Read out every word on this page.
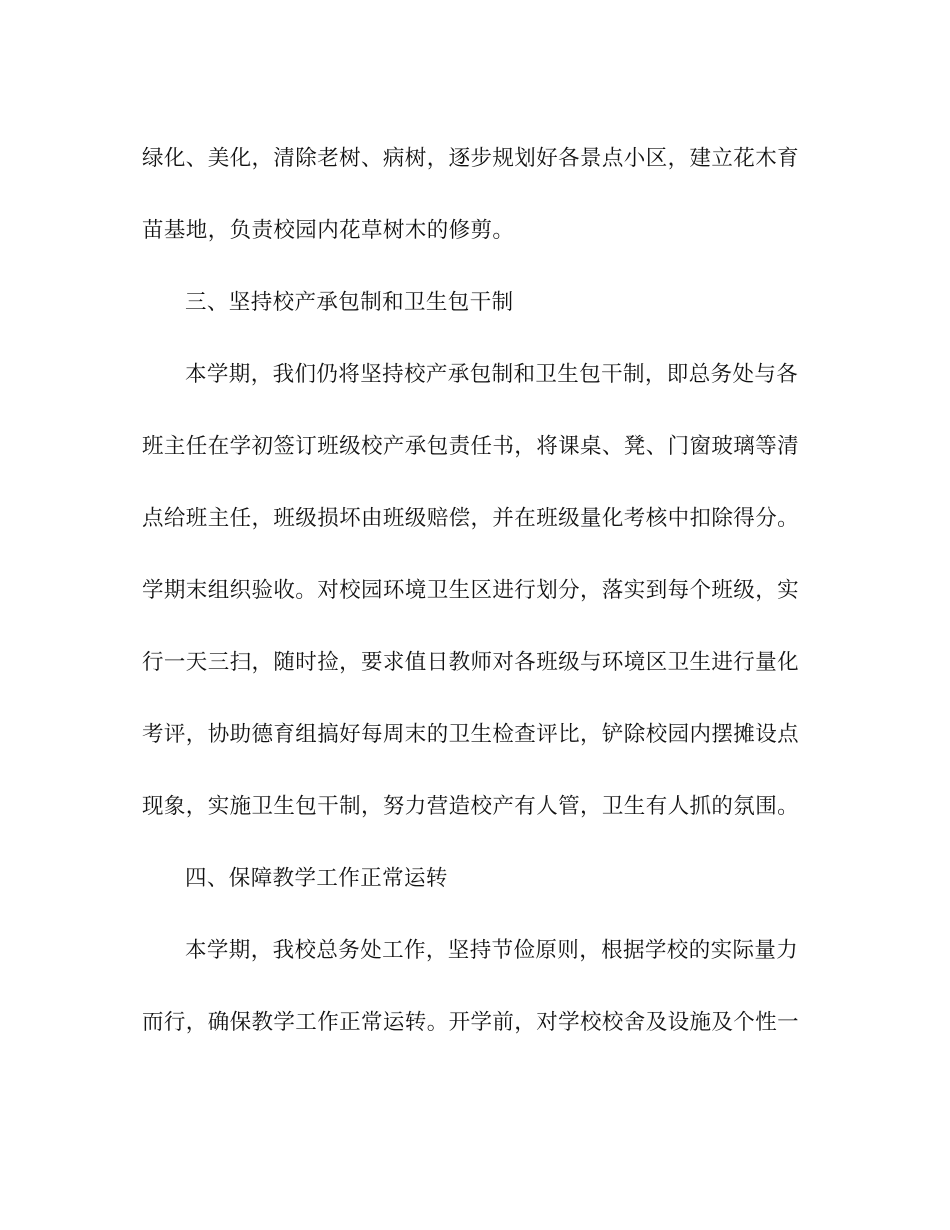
绿化、美化，清除老树、病树，逐步规划好各景点小区，建立花木育
苗基地，负责校园内花草树木的修剪。
三、坚持校产承包制和卫生包干制
本学期，我们仍将坚持校产承包制和卫生包干制，即总务处与各
班主任在学初签订班级校产承包责任书，将课桌、凳、门窗玻璃等清
点给班主任，班级损坏由班级赔偿，并在班级量化考核中扣除得分。
学期末组织验收。对校园环境卫生区进行划分，落实到每个班级，实
行一天三扫，随时捡，要求值日教师对各班级与环境区卫生进行量化
考评，协助德育组搞好每周末的卫生检查评比，铲除校园内摆摊设点
现象，实施卫生包干制，努力营造校产有人管，卫生有人抓的氛围。
四、保障教学工作正常运转
本学期，我校总务处工作，坚持节俭原则，根据学校的实际量力
而行，确保教学工作正常运转。开学前，对学校校舍及设施及个性一
